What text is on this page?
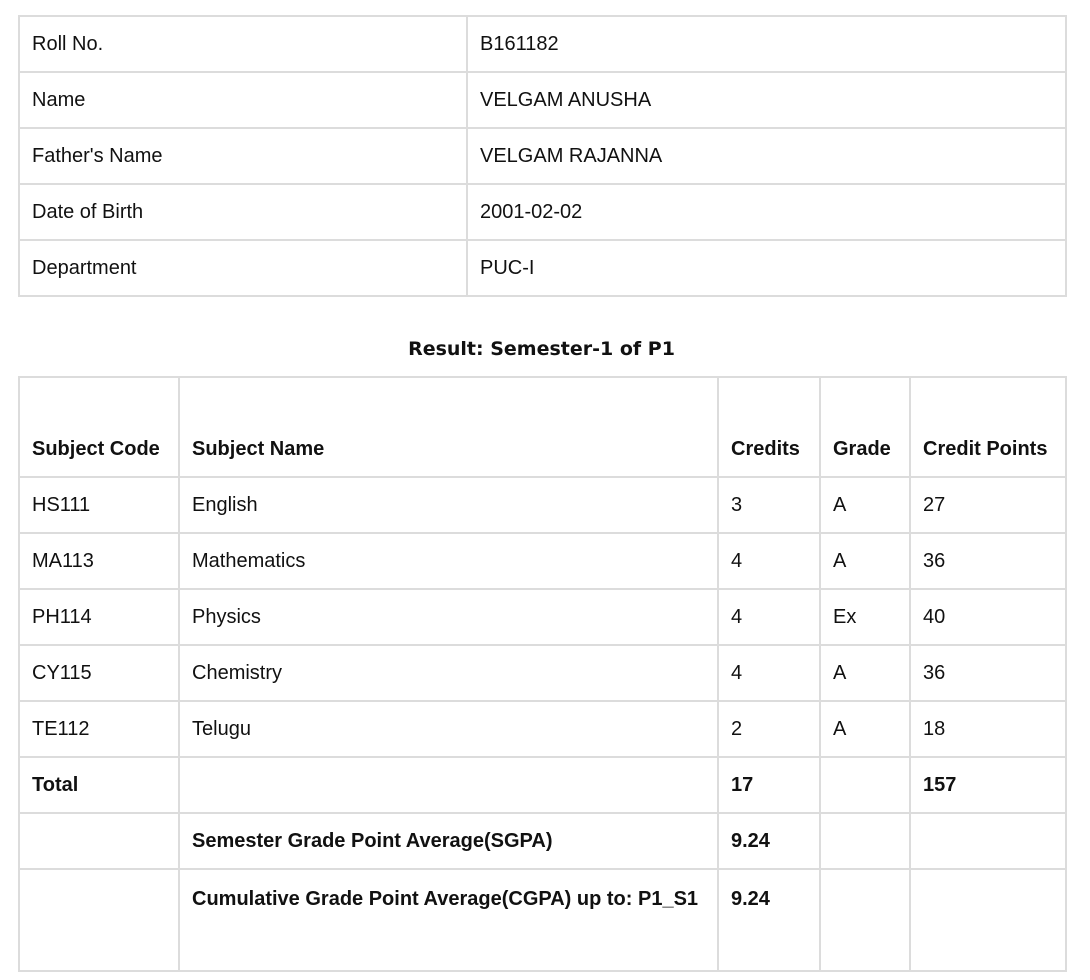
Roll No.	B161182
Name	VELGAM ANUSHA
Father's Name	VELGAM RAJANNA
Date of Birth	2001-02-02
Department	PUC-I
Result: Semester-1 of P1
Subject Code	Subject Name	Credits	Grade	Credit Points
HS111	English	3	A	27
MA113	Mathematics	4	A	36
PH114	Physics	4	Ex	40
CY115	Chemistry	4	A	36
TE112	Telugu	2	A	18
Total		17		157
	Semester Grade Point Average(SGPA)	9.24		
	Cumulative Grade Point Average(CGPA) up to: P1_S1	9.24		
